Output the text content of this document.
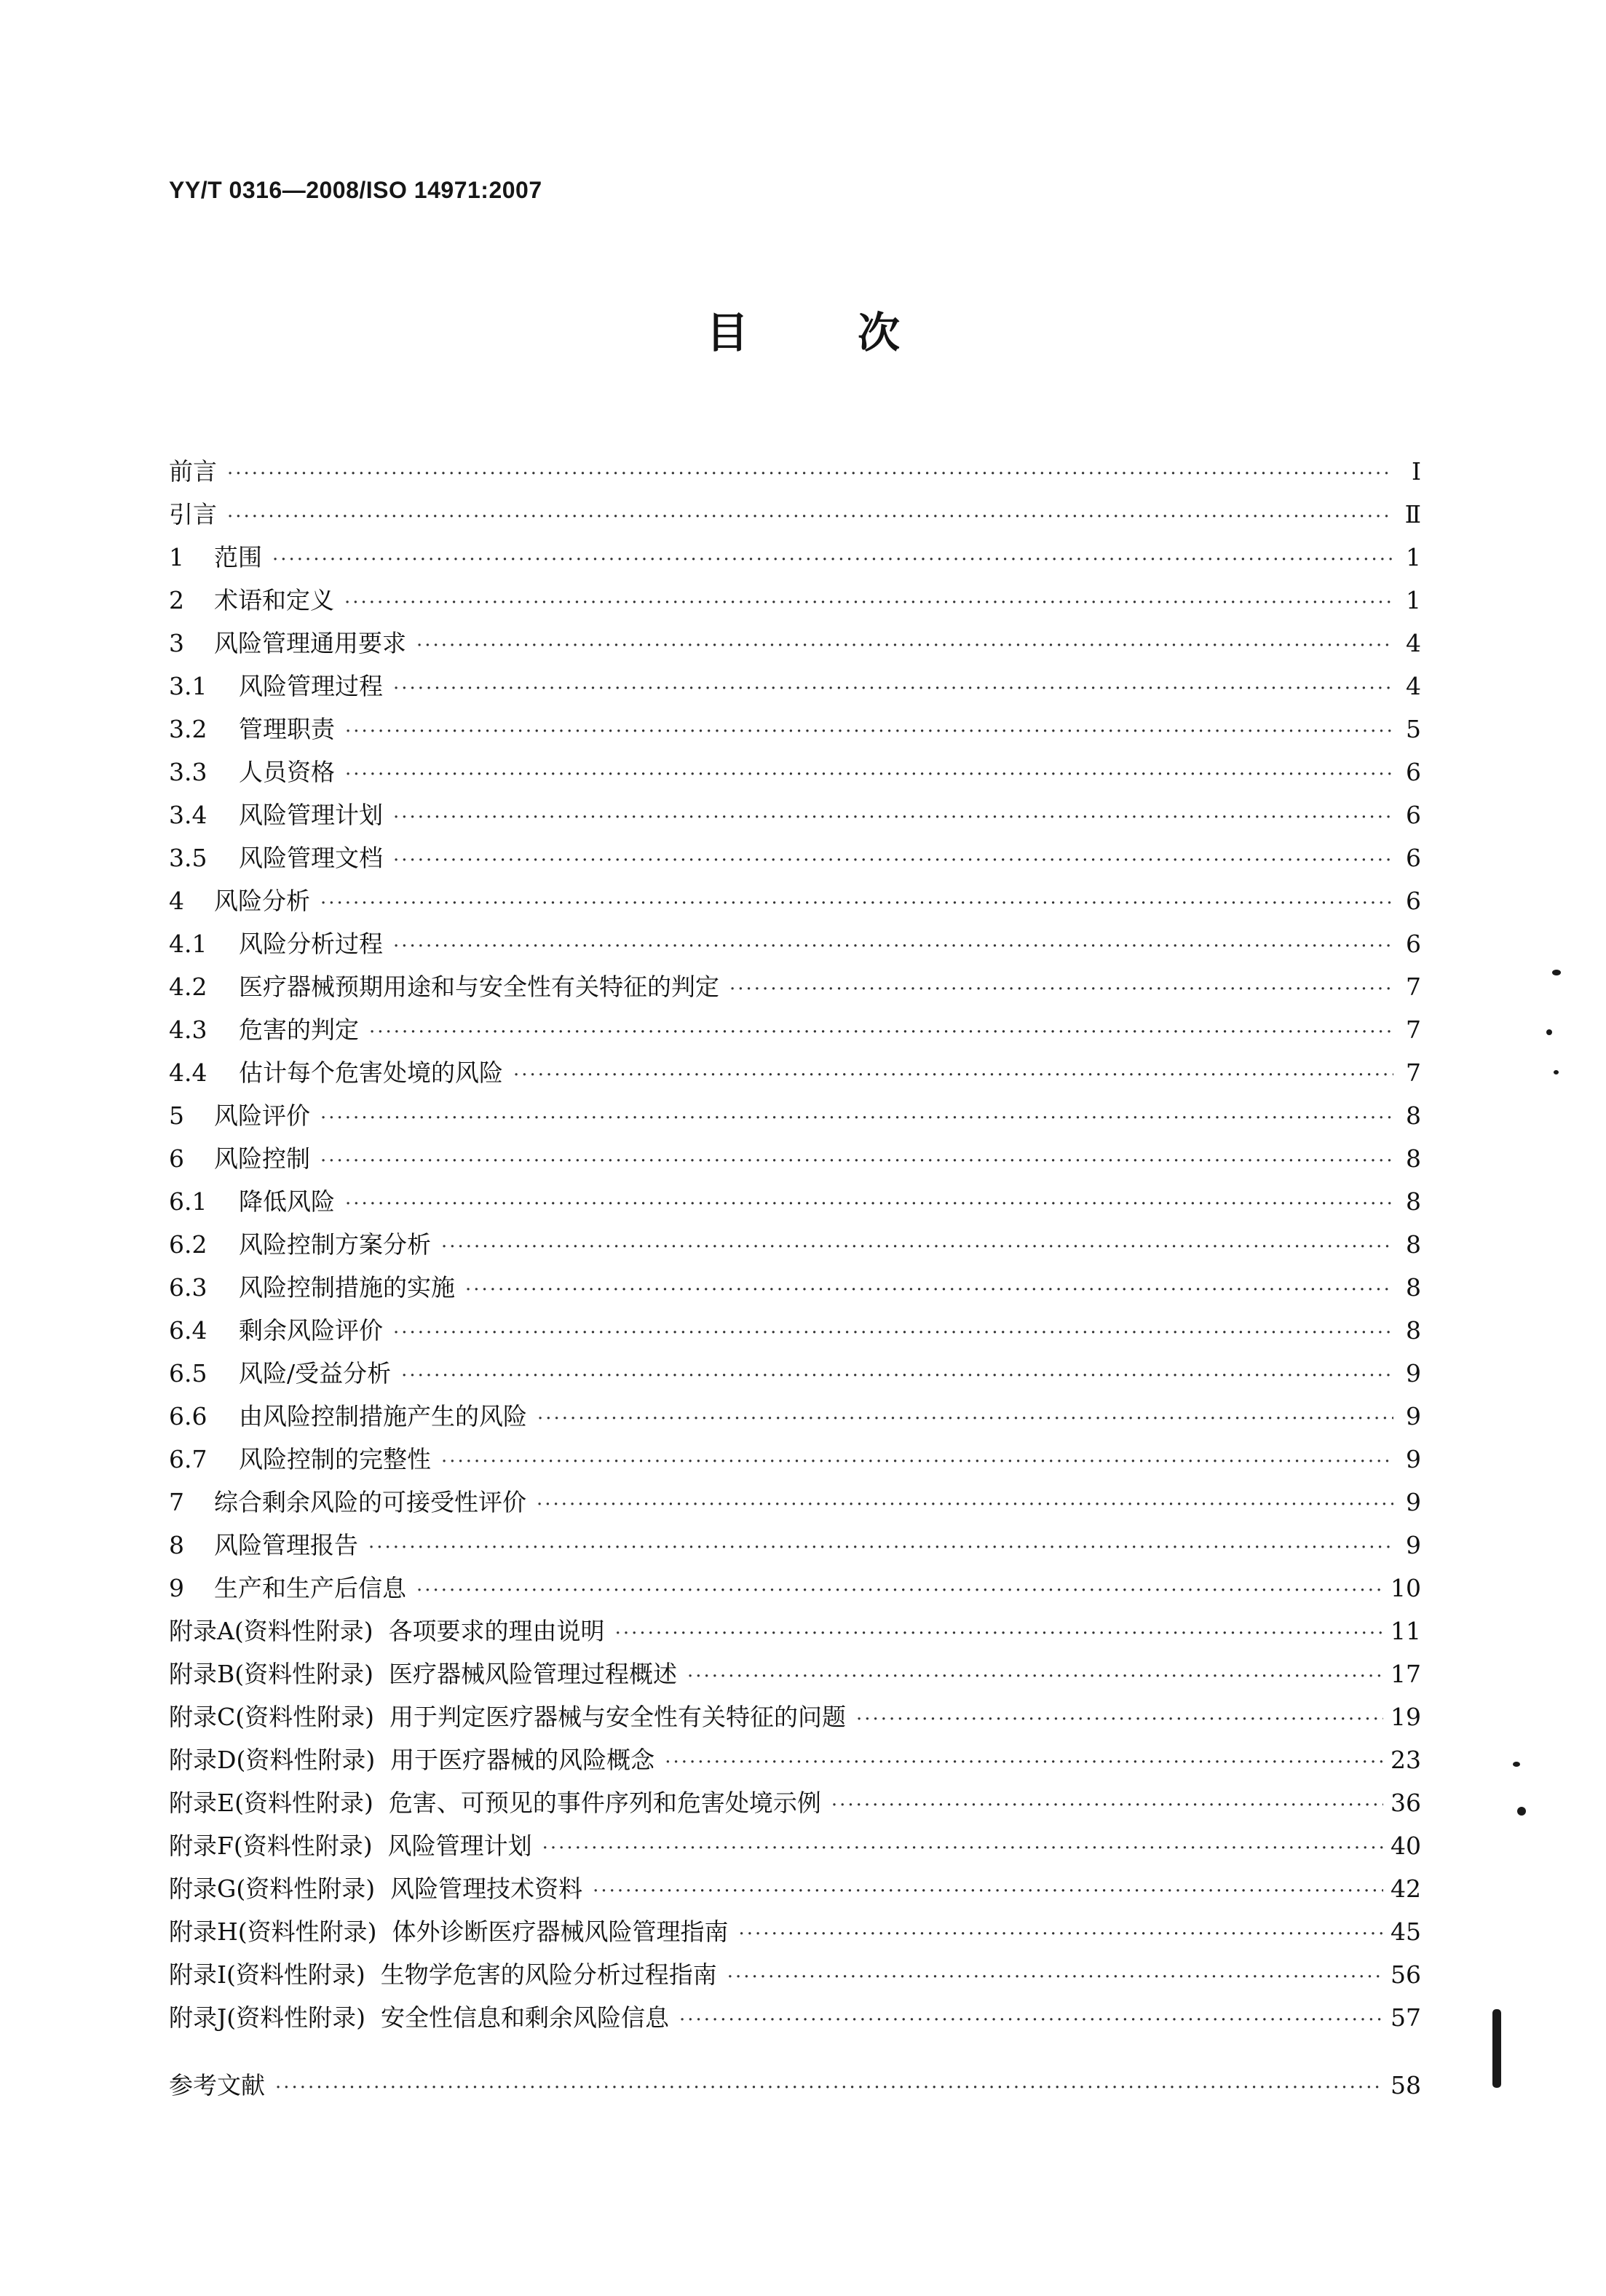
YY/T 0316—2008/ISO 14971:2007
目次
前言 ·····	I
引言 ·····	Ⅱ
1	范围 ·····	1
2	术语和定义 ·····	1
3	风险管理通用要求 ·····	4
3.1	风险管理过程 ·····	4
3.2	管理职责 ·····	5
3.3	人员资格 ·····	6
3.4	风险管理计划 ·····	6
3.5	风险管理文档 ·····	6
4	风险分析 ·····	6
4.1	风险分析过程 ·····	6
4.2	医疗器械预期用途和与安全性有关特征的判定 ·····	7
4.3	危害的判定 ·····	7
4.4	估计每个危害处境的风险 ·····	7
5	风险评价 ·····	8
6	风险控制 ·····	8
6.1	降低风险 ·····	8
6.2	风险控制方案分析 ·····	8
6.3	风险控制措施的实施 ·····	8
6.4	剩余风险评价 ·····	8
6.5	风险/受益分析 ·····	9
6.6	由风险控制措施产生的风险 ·····	9
6.7	风险控制的完整性 ·····	9
7	综合剩余风险的可接受性评价 ·····	9
8	风险管理报告 ·····	9
9	生产和生产后信息 ·····	10
附录A(资料性附录)  各项要求的理由说明 ·····	11
附录B(资料性附录)  医疗器械风险管理过程概述 ·····	17
附录C(资料性附录)  用于判定医疗器械与安全性有关特征的问题 ·····	19
附录D(资料性附录)  用于医疗器械的风险概念 ·····	23
附录E(资料性附录)  危害、可预见的事件序列和危害处境示例 ·····	36
附录F(资料性附录)  风险管理计划 ·····	40
附录G(资料性附录)  风险管理技术资料 ·····	42
附录H(资料性附录)  体外诊断医疗器械风险管理指南 ·····	45
附录I(资料性附录)  生物学危害的风险分析过程指南 ·····	56
附录J(资料性附录)  安全性信息和剩余风险信息 ·····	57
参考文献 ·····	58
